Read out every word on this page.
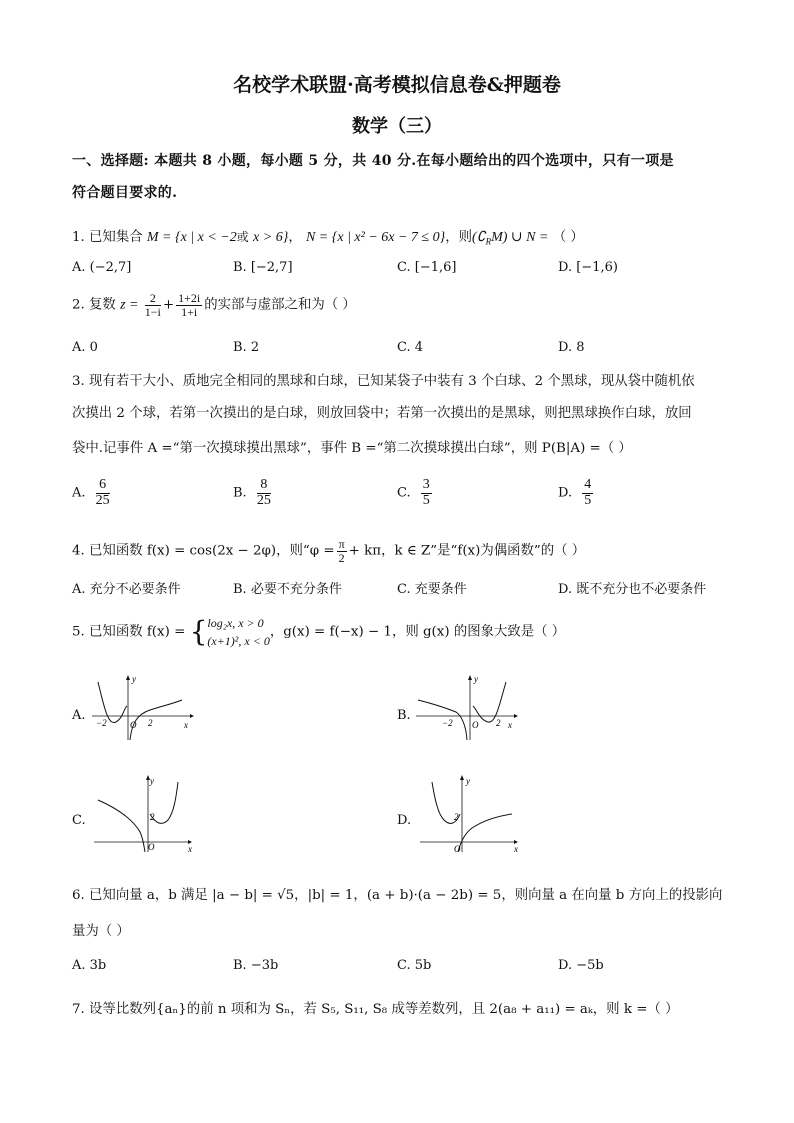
名校学术联盟·高考模拟信息卷&押题卷
数学（三）
一、选择题: 本题共 8 小题，每小题 5 分，共 40 分.在每小题给出的四个选项中，只有一项是
符合题目要求的.
1. 已知集合 M = {x | x < −2或 x > 6}， N = {x | x² − 6x − 7 ≤ 0}，则$(∁_RM)$ ∪ N = （ ）
A. (−2,7]	B. [−2,7]	C. [−1,6]	D. [−1,6)
2. 复数 $z = \frac{2}{1-i} + \frac{1+2i}{1+i}$ 的实部与虚部之和为（ ）
A. 0	B. 2	C. 4	D. 8
3. 现有若干大小、质地完全相同的黑球和白球，已知某袋子中装有 3 个白球、2 个黑球，现从袋中随机依
次摸出 2 个球，若第一次摸出的是白球，则放回袋中；若第一次摸出的是黑球，则把黑球换作白球，放回
袋中.记事件 A =“第一次摸球摸出黑球”，事件 B =“第二次摸球摸出白球”，则 P(B|A) =（ ）
A. $\frac{6}{25}$	B. $\frac{8}{25}$	C. $\frac{3}{5}$	D. $\frac{4}{5}$
4. 已知函数 f(x) = cos(2x − 2φ)，则“$\varphi = \frac{\pi}{2} + k\pi$，k ∈ Z”是“f(x)为偶函数”的（ ）
A. 充分不必要条件	B. 必要不充分条件	C. 充要条件	D. 既不充分也不必要条件
5. 已知函数 f(x) = { log₂x, x > 0
(x+1)², x < 0
，g(x) = f(−x) − 1，则 g(x) 的图象大致是（ ）
A.
y
x
−2	O 2	B.
y
x
−2 O 2
C.
y
x
2
O
D.
y
x
2
O
6. 已知向量 a，b 满足 |a − b| = √5，|b| = 1，(a + b)·(a − 2b) = 5，则向量 a 在向量 b 方向上的投影向
量为（ ）
A. 3b	B. −3b	C. 5b	D. −5b
7. 设等比数列{aₙ}的前 n 项和为 Sₙ，若 S₅, S₁₁, S₈ 成等差数列，且 2(a₈ + a₁₁) = aₖ，则 k =（ ）
